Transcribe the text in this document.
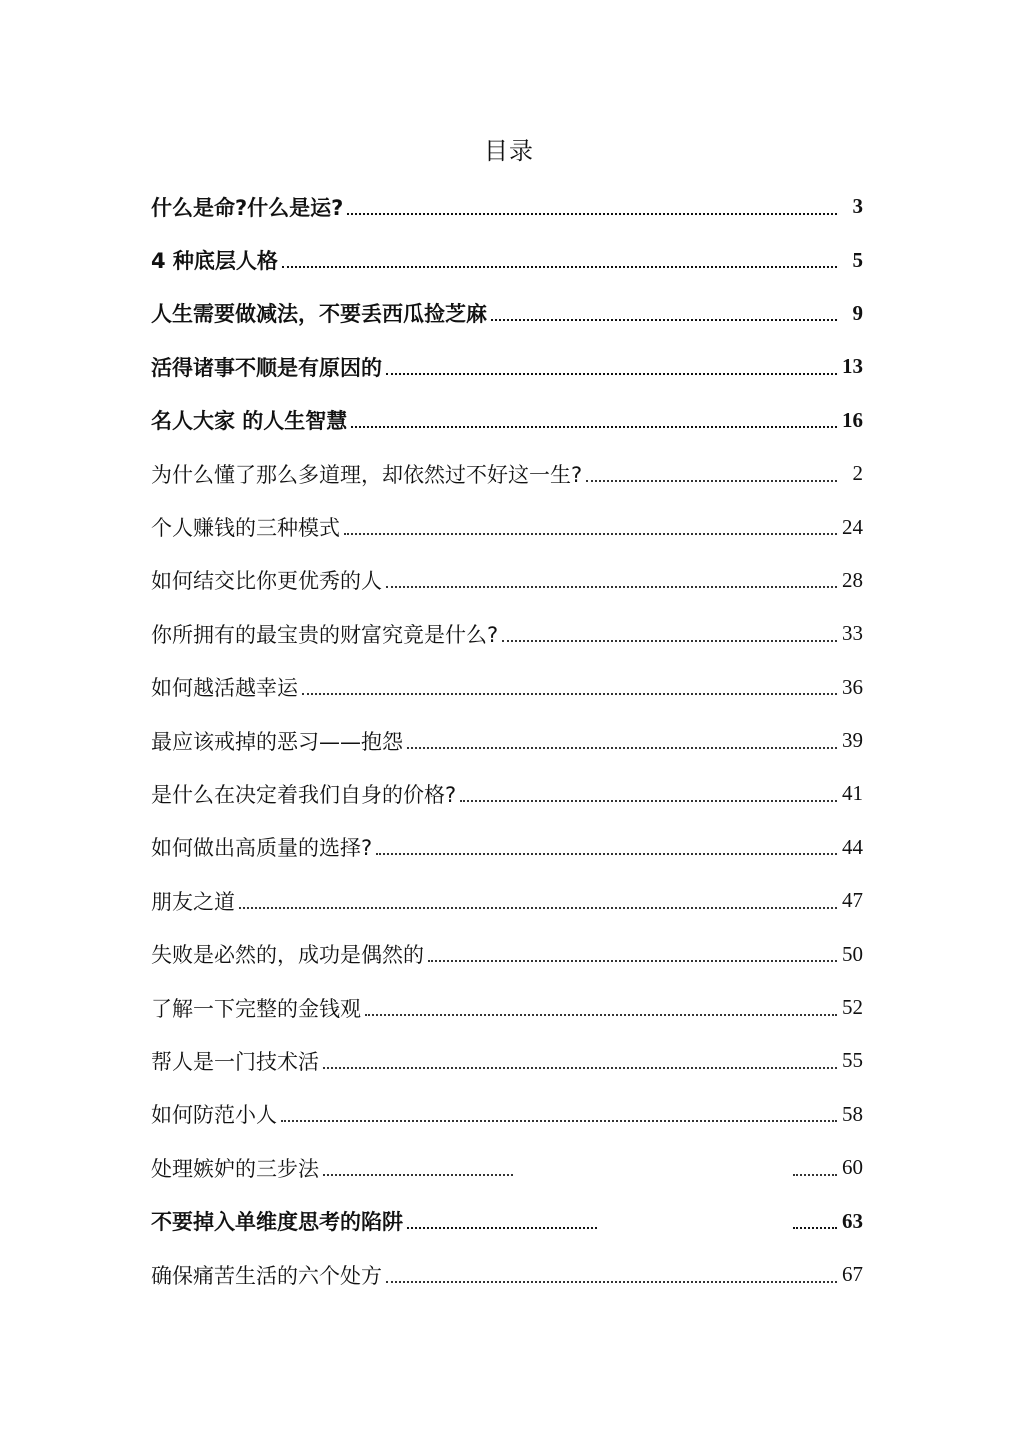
目录
什么是命?什么是运?	3
4 种底层人格	5
人生需要做减法，不要丢西瓜捡芝麻	9
活得诸事不顺是有原因的	13
名人大家 的人生智慧	16
为什么懂了那么多道理，却依然过不好这一生?	2
个人赚钱的三种模式	24
如何结交比你更优秀的人	28
你所拥有的最宝贵的财富究竟是什么?	33
如何越活越幸运	36
最应该戒掉的恶习——抱怨	39
是什么在决定着我们自身的价格?	41
如何做出高质量的选择?	44
朋友之道	47
失败是必然的，成功是偶然的	50
了解一下完整的金钱观	52
帮人是一门技术活	55
如何防范小人	58
处理嫉妒的三步法	60
不要掉入单维度思考的陷阱	63
确保痛苦生活的六个处方	67
